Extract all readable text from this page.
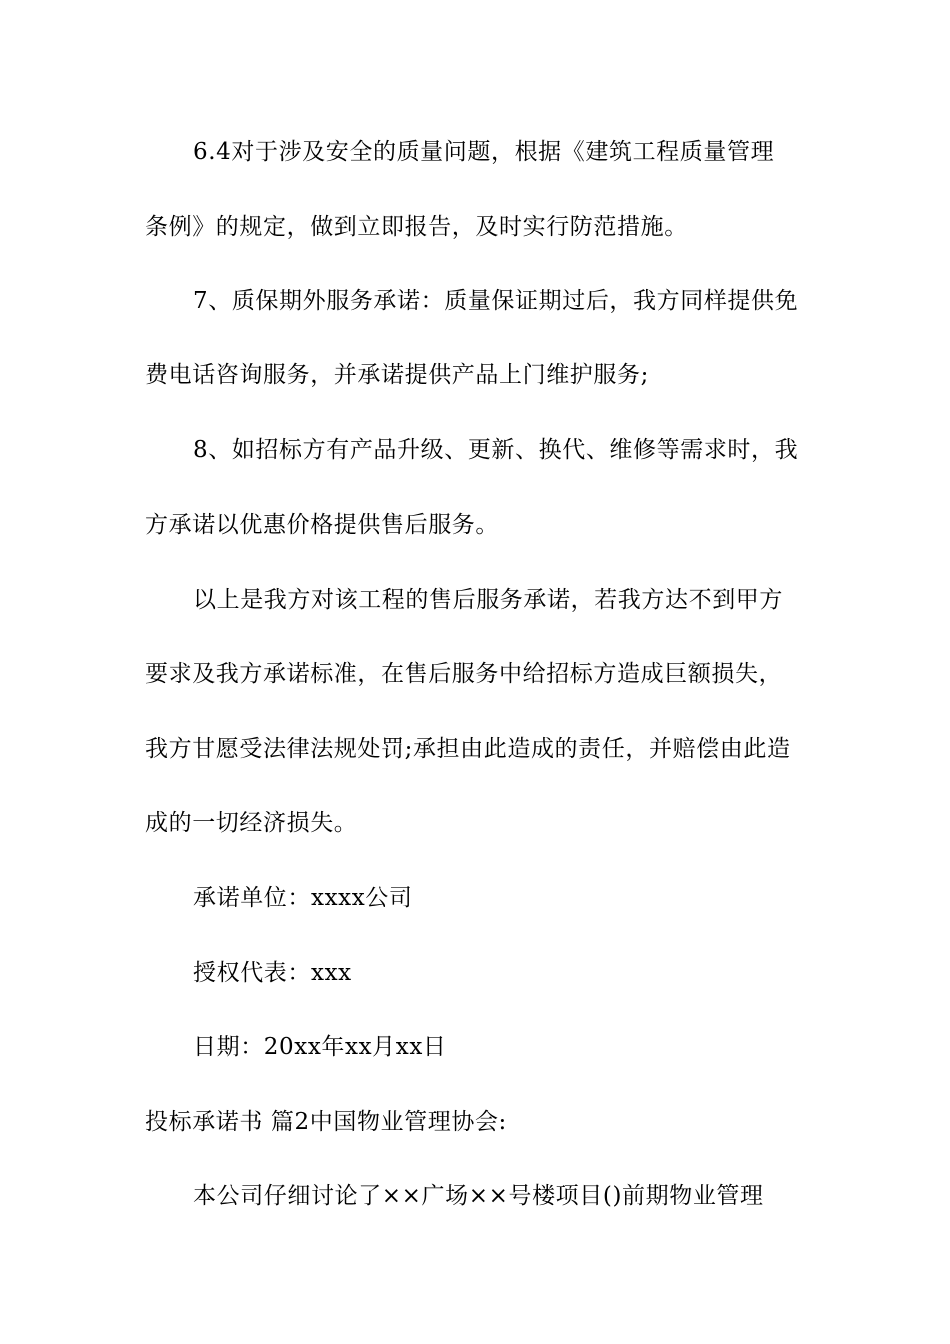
6.4对于涉及安全的质量问题，根据《建筑工程质量管理
条例》的规定，做到立即报告，及时实行防范措施。
7、质保期外服务承诺：质量保证期过后，我方同样提供免
费电话咨询服务，并承诺提供产品上门维护服务;
8、如招标方有产品升级、更新、换代、维修等需求时，我
方承诺以优惠价格提供售后服务。
以上是我方对该工程的售后服务承诺，若我方达不到甲方
要求及我方承诺标准，在售后服务中给招标方造成巨额损失，
我方甘愿受法律法规处罚;承担由此造成的责任，并赔偿由此造
成的一切经济损失。
承诺单位：xxxx公司
授权代表：xxx
日期：20xx年xx月xx日
投标承诺书 篇2中国物业管理协会:
本公司仔细讨论了××广场××号楼项目()前期物业管理
